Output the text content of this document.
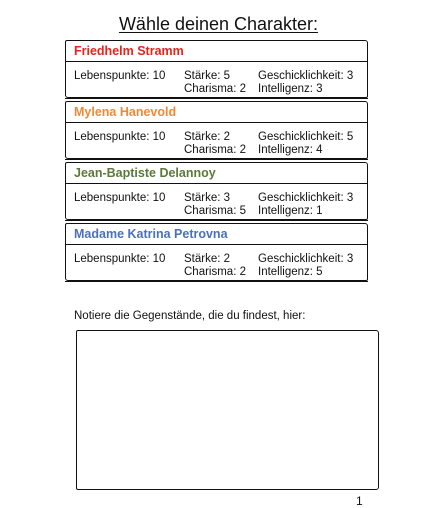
Wähle deinen Charakter:
Friedhelm Stramm
Lebenspunkte: 10 Stärke: 5 Geschicklichkeit: 3
Charisma: 2 Intelligenz: 3
Mylena Hanevold
Lebenspunkte: 10 Stärke: 2 Geschicklichkeit: 5
Charisma: 2 Intelligenz: 4
Jean-Baptiste Delannoy
Lebenspunkte: 10 Stärke: 3 Geschicklichkeit: 3
Charisma: 5 Intelligenz: 1
Madame Katrina Petrovna
Lebenspunkte: 10 Stärke: 2 Geschicklichkeit: 3
Charisma: 2 Intelligenz: 5
Notiere die Gegenstände, die du findest, hier:
1
